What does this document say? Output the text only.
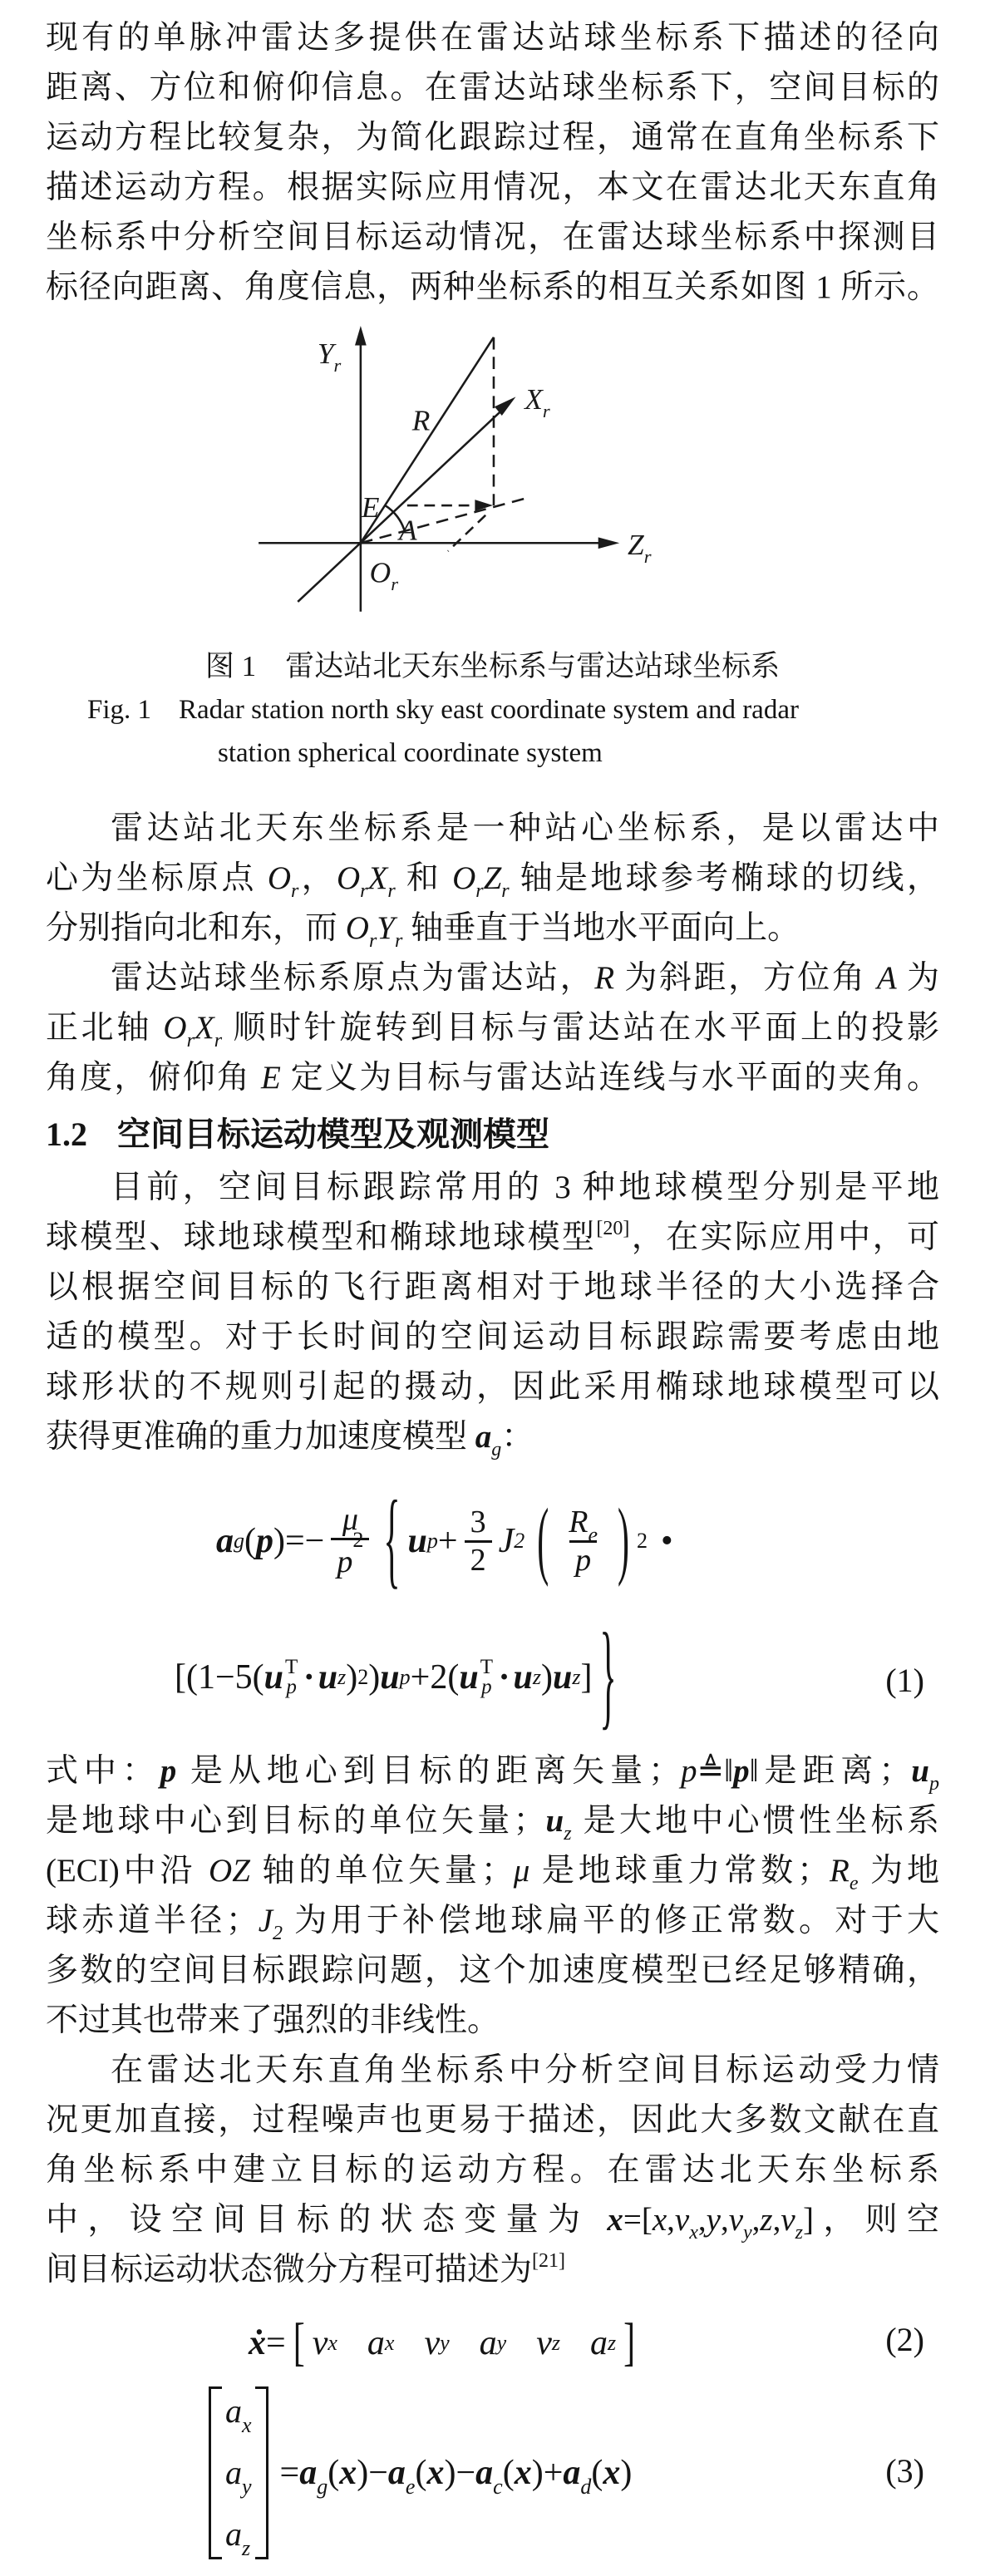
现有的单脉冲雷达多提供在雷达站球坐标系下描述的径向
距离、方位和俯仰信息。在雷达站球坐标系下，空间目标的
运动方程比较复杂，为简化跟踪过程，通常在直角坐标系下
描述运动方程。根据实际应用情况，本文在雷达北天东直角
坐标系中分析空间目标运动情况，在雷达球坐标系中探测目
标径向距离、角度信息，两种坐标系的相互关系如图 1 所示。
$Y_r$
$X_r$
$Z_r$
R
E
A
$O_r$
图 1　雷达站北天东坐标系与雷达站球坐标系
Fig. 1　Radar station north sky east coordinate system and radar
station spherical coordinate system
雷达站北天东坐标系是一种站心坐标系，是以雷达中
心为坐标原点 $O_r$，$O_rX_r$ 和 $O_rZ_r$ 轴是地球参考椭球的切线，
分别指向北和东，而 $O_rY_r$ 轴垂直于当地水平面向上。
雷达站球坐标系原点为雷达站，R 为斜距，方位角 A 为
正北轴 $O_rX_r$ 顺时针旋转到目标与雷达站在水平面上的投影
角度，俯仰角 E 定义为目标与雷达站连线与水平面的夹角。
1.2 空间目标运动模型及观测模型
目前，空间目标跟踪常用的 3 种地球模型分别是平地
球模型、球地球模型和椭球地球模型[20]，在实际应用中，可
以根据空间目标的飞行距离相对于地球半径的大小选择合
适的模型。对于长时间的空间运动目标跟踪需要考虑由地
球形状的不规则引起的摄动，因此采用椭球地球模型可以
获得更准确的重力加速度模型 $a_g$：
a g ( p )=− $\frac{\mu}{p^2}$ { u $p + \frac{3}{2}$ J 2 ( $\frac{R_e}{p}$ ) 2 •
[(1−5( u T
p · u z ) 2 ) u p +2( u T
p · u z ) u z ] }	(1)
式中：p 是从地心到目标的距离矢量；p≜‖p‖是距离；$u_p$
是地球中心到目标的单位矢量；$u_z$ 是大地中心惯性坐标系
(ECI)中沿 OZ 轴的单位矢量；μ 是地球重力常数；$R_e$ 为地
球赤道半径；$J_2$ 为用于补偿地球扁平的修正常数。对于大
多数的空间目标跟踪问题，这个加速度模型已经足够精确，
不过其也带来了强烈的非线性。
在雷达北天东直角坐标系中分析空间目标运动受力情
况更加直接，过程噪声也更易于描述，因此大多数文献在直
角坐标系中建立目标的运动方程。在雷达北天东坐标系
中，设空间目标的状态变量为 $x=[x,v_x,y,v_y,z,v_z]$，则空
间目标运动状态微分方程可描述为[21]
ẋ = [ v x a x v y a y v z a z ]	(2)
$a_x$
$a_y$
$a_z$
$=a_g(x)-a_e(x)-a_c(x)+a_d(x)$	(3)
